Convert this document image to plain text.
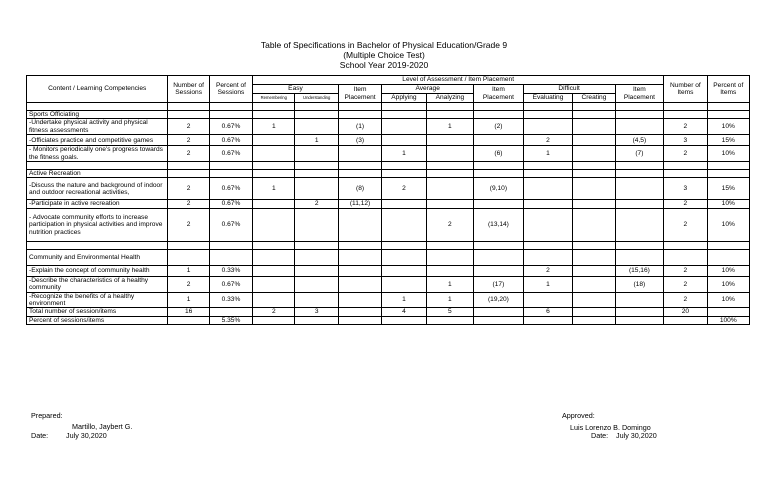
Table of Specifications in Bachelor of Physical Education/Grade 9
(Multiple Choice Test)
School Year 2019-2020
Content / Learning Competencies	Number of Sessions	Percent of Sessions	Level of Assessment / Item Placement									Number of Items	Percent of Items
			Easy		Item Placement	Average		Item Placement	Difficult		Item Placement		
			Remembering	Understanding		Applying	Analyzing		Evaluating	Creating			

Sports Officiating													
-Undertake physical activity and physical fitness assessments	2	0.67%	1		(1)		1	(2)				2	10%
-Officiates practice and competitive games	2	0.67%		1	(3)				2		(4,5)	3	15%
- Monitors periodically one's progress towards the fitness goals.	2	0.67%				1		(6)	1		(7)	2	10%

Active Recreation													
-Discuss the nature and background of indoor and outdoor recreational activities,	2	0.67%	1		(8)	2		(9,10)				3	15%
-Participate in active recreation	2	0.67%		2	(11,12)							2	10%
- Advocate community efforts to increase participation in physical activities and improve nutrition practices	2	0.67%					2	(13,14)				2	10%

Community and Environmental Health													
-Explain the concept of community health	1	0.33%							2		(15,16)	2	10%
-Describe the characteristics of a healthy community	2	0.67%					1	(17)	1		(18)	2	10%
-Recognize the benefits of a healthy environment	1	0.33%				1	1	(19,20)				2	10%
Total number of session/items	16		2	3		4	5		6			20	
Percent of sessions/items		5.35%											100%
Prepared:
Martillo, Jaybert G.
Date: July 30,2020
Approved:
Luis Lorenzo B. Domingo
Date: July 30,2020
